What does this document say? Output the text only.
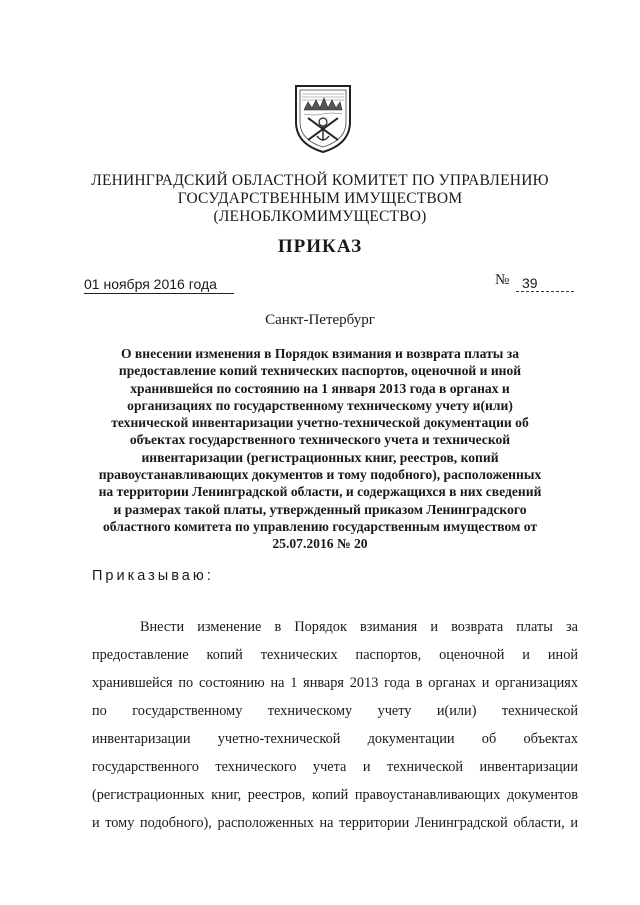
ЛЕНИНГРАДСКИЙ ОБЛАСТНОЙ КОМИТЕТ ПО УПРАВЛЕНИЮ
ГОСУДАРСТВЕННЫМ ИМУЩЕСТВОМ
(ЛЕНОБЛКОМИМУЩЕСТВО)
ПРИКАЗ
01 ноября 2016 года	№ 39
Санкт-Петербург
О внесении изменения в Порядок взимания и возврата платы за
предоставление копий технических паспортов, оценочной и иной
хранившейся по состоянию на 1 января 2013 года в органах и
организациях по государственному техническому учету и(или)
технической инвентаризации учетно-технической документации об
объектах государственного технического учета и технической
инвентаризации (регистрационных книг, реестров, копий
правоустанавливающих документов и тому подобного), расположенных
на территории Ленинградской области, и содержащихся в них сведений
и размерах такой платы, утвержденный приказом Ленинградского
областного комитета по управлению государственным имуществом от
25.07.2016 № 20
Приказываю:
Внести изменение в Порядок взимания и возврата платы за
предоставление копий технических паспортов, оценочной и иной
хранившейся по состоянию на 1 января 2013 года в органах и организациях
по государственному техническому учету и(или) технической
инвентаризации учетно-технической документации об объектах
государственного технического учета и технической инвентаризации
(регистрационных книг, реестров, копий правоустанавливающих документов
и тому подобного), расположенных на территории Ленинградской области, и
